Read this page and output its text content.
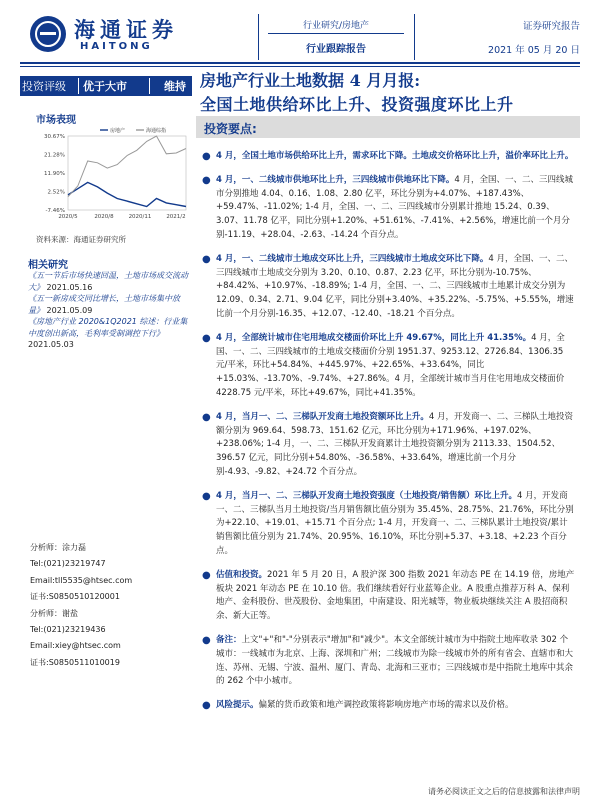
海通证券
HAITONG
行业研究/房地产
行业跟踪报告
证券研究报告
2021 年 05 月 20 日
投资评级	优于大市	维持
市场表现
30.67%
21.28%
11.90%
2.52%
-7.46%
2020/5	2020/8	2020/11	2021/2
房地产	海通综指
资料来源：海通证券研究所
相关研究
《五一节后市场快速回温，土地市场成交流动大》 2021.05.16
《五一新房成交同比增长，土地市场集中放量》 2021.05.09
《房地产行业 2020&1Q2021 综述：行业集中度创出新高，毛利率受制调控下行》 2021.05.03
分析师：涂力磊
Tel:(021)23219747
Email:tll5535@htsec.com
证书:S0850510120001
分析师：谢盐
Tel:(021)23219436
Email:xiey@htsec.com
证书:S0850511010019
房地产行业土地数据 4 月月报:
全国土地供给环比上升、投资强度环比上升
投资要点:
● 4 月，全国土地市场供给环比上升，需求环比下降。土地成交价格环比上升，溢价率环比上升。
● 4 月，一、二线城市供地环比上升，三四线城市供地环比下降。4 月，全国、一、二、三四线城市分别推地 4.04、0.16、1.08、2.80 亿平，环比分别为+4.07%、+187.43%、+59.47%、-11.02%; 1-4 月，全国、一、二、三四线城市分别累计推地 15.24、0.39、3.07、11.78 亿平，同比分别+1.20%、+51.61%、-7.41%、+2.56%，增速比前一个月分别-11.19、+28.04、-2.63、-14.24 个百分点。
● 4 月，一、二线城市土地成交环比上升，三四线城市土地成交环比下降。4 月，全国、一、二、三四线城市土地成交分别为 3.20、0.10、0.87、2.23 亿平，环比分别为-10.75%、+84.42%、+10.97%、-18.89%; 1-4 月，全国、一、二、三四线城市土地累计成交分别为 12.09、0.34、2.71、9.04 亿平，同比分别+3.40%、+35.22%、-5.75%、+5.55%，增速比前一个月分别-16.35、+12.07、-12.40、-18.21 个百分点。
● 4 月，全部统计城市住宅用地成交楼面价环比上升 49.67%，同比上升 41.35%。4 月，全国、一、二、三四线城市的土地成交楼面价分别 1951.37、9253.12、2726.84、1306.35 元/平米，环比+54.84%、+445.97%、+22.65%、+33.64%，同比+15.03%、-13.70%、-9.74%、+27.86%。4 月，全部统计城市当月住宅用地成交楼面价 4228.75 元/平米，环比+49.67%，同比+41.35%。
● 4 月，当月一、二、三梯队开发商土地投资额环比上升。4 月，开发商一、二、三梯队土地投资额分别为 969.64、598.73、151.62 亿元，环比分别为+171.96%、+197.02%、+238.06%; 1-4 月，一、二、三梯队开发商累计土地投资额分别为 2113.33、1504.52、396.57 亿元，同比分别+54.80%、-36.58%、+33.64%，增速比前一个月分别-4.93、-9.82、+24.72 个百分点。
● 4 月，当月一、二、三梯队开发商土地投资强度（土地投资/销售额）环比上升。4 月，开发商一、二、三梯队当月土地投资/当月销售额比值分别为 35.45%、28.75%、21.76%，环比分别为+22.10、+19.01、+15.71 个百分点; 1-4 月，开发商一、二、三梯队累计土地投资/累计销售额比值分别为 21.74%、20.95%、16.10%，环比分别+5.37、+3.18、+2.23 个百分点。
● 估值和投资。2021 年 5 月 20 日，A 股沪深 300 指数 2021 年动态 PE 在 14.19 倍，房地产板块 2021 年动态 PE 在 10.10 倍。我们继续看好行业蓝筹企业。A 股重点推荐万科 A、保利地产、金科股份、世茂股份、金地集团，中南建设、阳光城等，物业板块继续关注 A 股招商积余、新大正等。
● 备注：上文"+"和"-"分别表示"增加"和"减少"。本文全部统计城市为中指院土地库收录 302 个城市：一线城市为北京、上海、深圳和广州；二线城市为除一线城市外的所有省会、直辖市和大连、苏州、无锡、宁波、温州、厦门、青岛、北海和三亚市；三四线城市是中指院土地库中其余的 262 个中小城市。
● 风险提示。偏紧的货币政策和地产调控政策将影响房地产市场的需求以及价格。
请务必阅读正文之后的信息披露和法律声明
